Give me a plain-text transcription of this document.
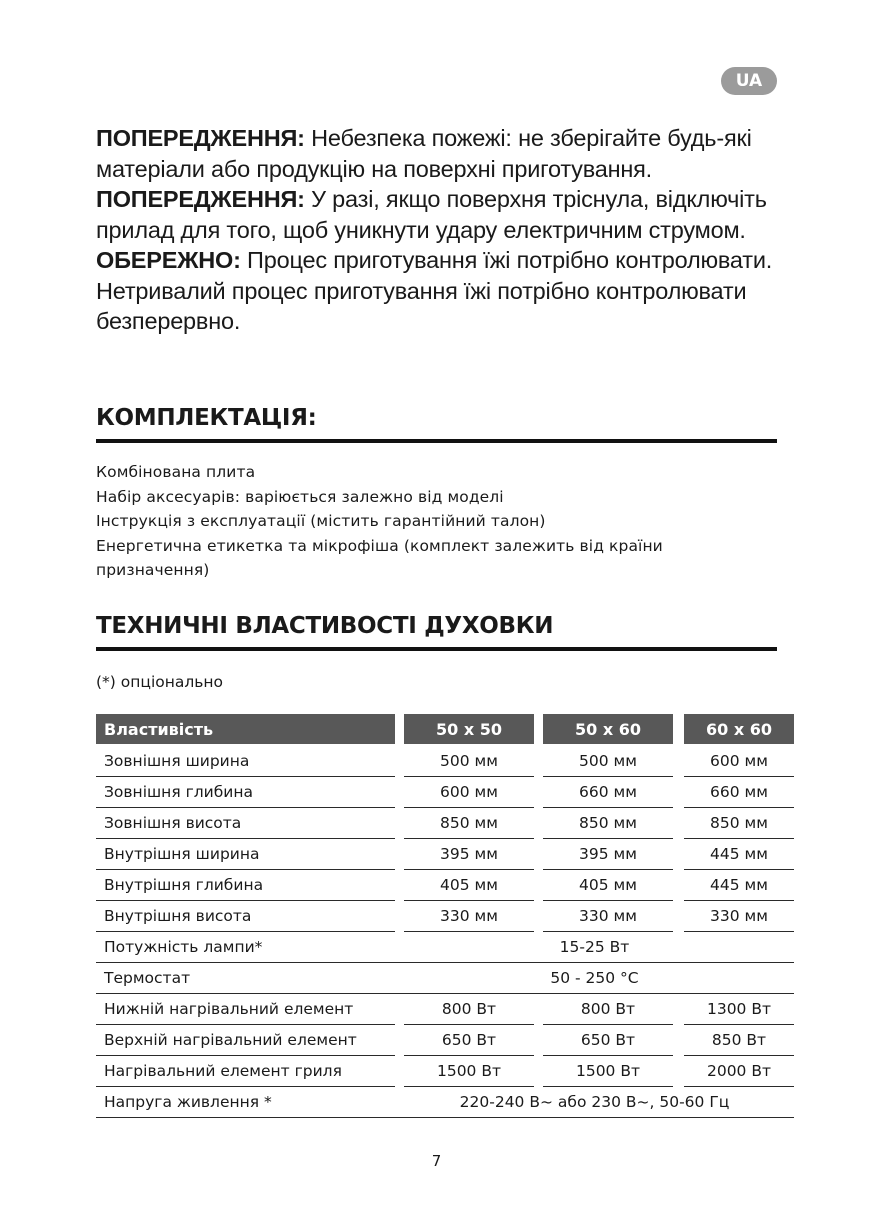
UA

ПОПЕРЕДЖЕННЯ: Небезпека пожежі: не зберігайте будь-які матеріали або продукцію на поверхні приготування.

ПОПЕРЕДЖЕННЯ: У разі, якщо поверхня тріснула, відключіть прилад для того, щоб уникнути удару електричним струмом.

ОБЕРЕЖНО: Процес приготування їжі потрібно контролювати. Нетривалий процес приготування їжі потрібно контролювати безперервно.

КОМПЛЕКТАЦІЯ:
Комбінована плита
Набір аксесуарів: варіюється залежно від моделі
Інструкція з експлуатації (містить гарантійний талон)
Енергетична етикетка та мікрофіша (комплект залежить від країни призначення)
ТЕХНИЧНІ ВЛАСТИВОСТІ ДУХОВКИ
(*) опціонально
Властивість		50 x 50		50 x 60		60 x 60
Зовнішня ширина		500 мм		500 мм		600 мм
Зовнішня глибина		600 мм		660 мм		660 мм
Зовнішня висота		850 мм		850 мм		850 мм
Внутрішня ширина		395 мм		395 мм		445 мм
Внутрішня глибина		405 мм		405 мм		445 мм
Внутрішня висота		330 мм		330 мм		330 мм
Потужність лампи*	15-25 Вт					
Термостат	50 - 250 °C					
Нижній нагрівальний елемент		800 Вт		800 Вт		1300 Вт
Верхній нагрівальний елемент		650 Вт		650 Вт		850 Вт
Нагрівальний елемент гриля		1500 Вт		1500 Вт		2000 Вт
Напруга живлення *	220-240 В~ або 230 В~, 50-60 Гц					
7
